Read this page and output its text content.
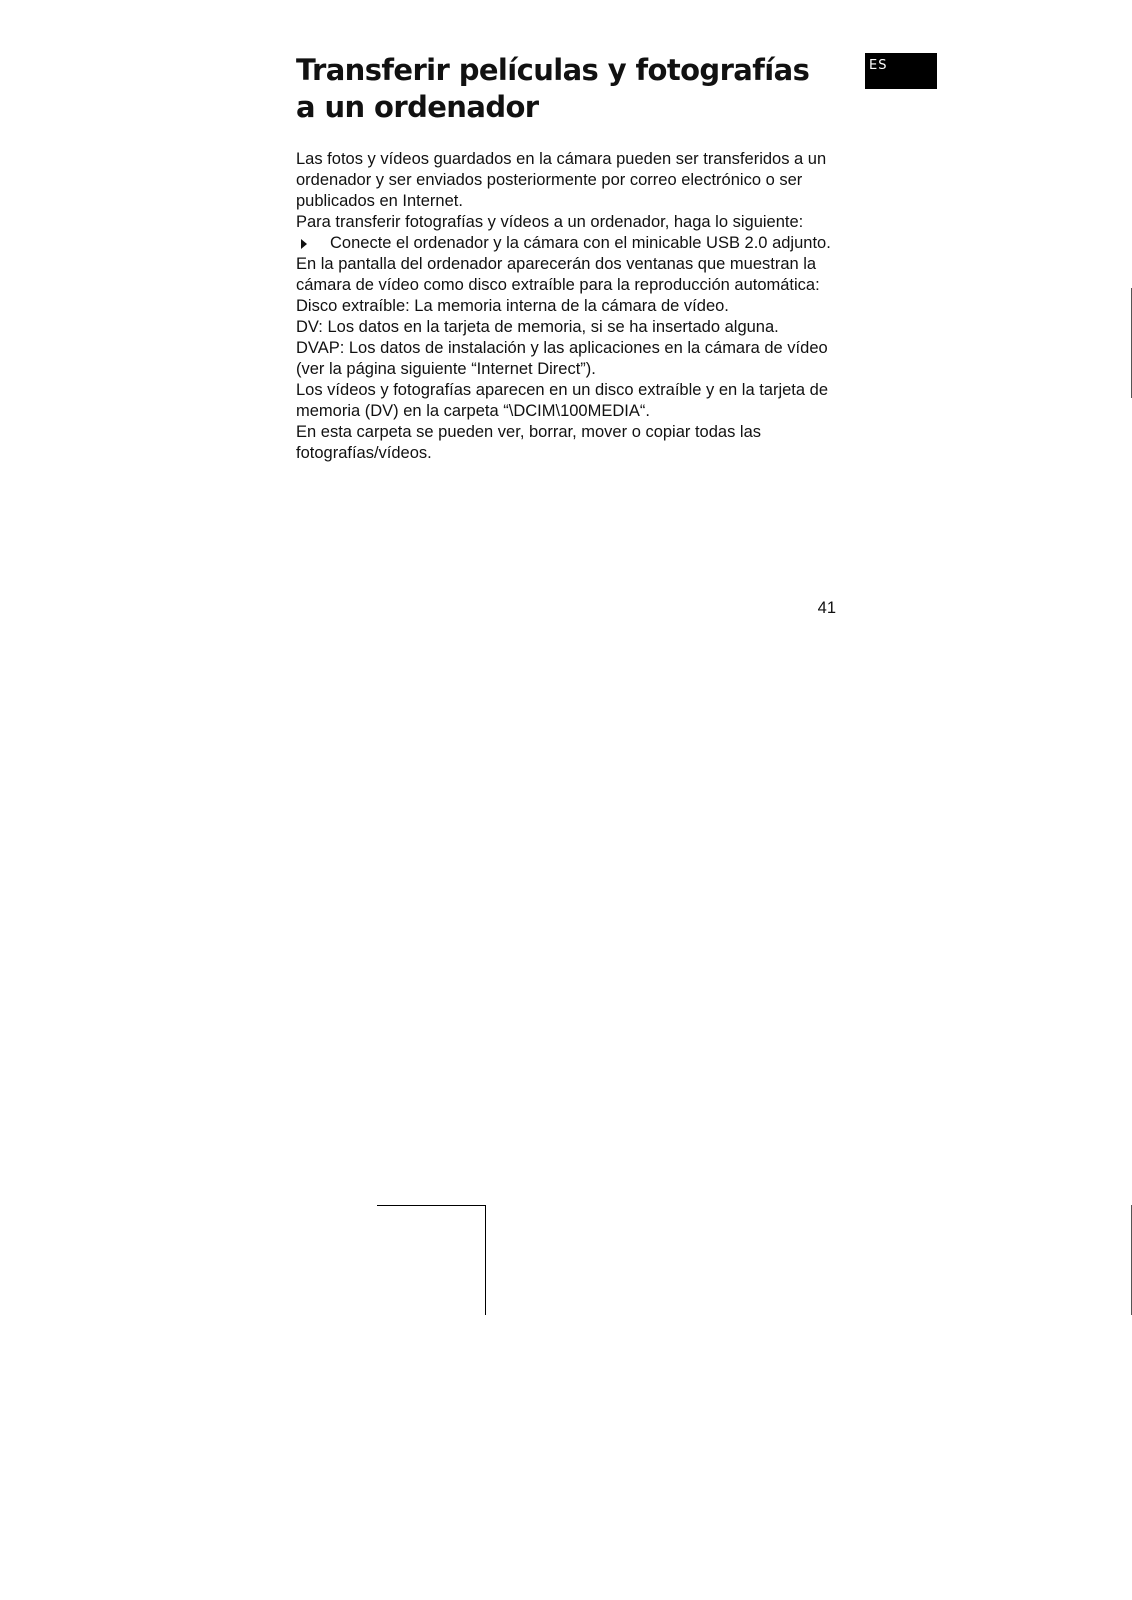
Transferir películas y fotografías a un ordenador
ES

Las fotos y vídeos guardados en la cámara pueden ser transferidos a un ordenador y ser enviados posteriormente por correo electrónico o ser publicados en Internet.

Para transferir fotografías y vídeos a un ordenador, haga lo siguiente:

Conecte el ordenador y la cámara con el minicable USB 2.0 adjunto.

En la pantalla del ordenador aparecerán dos ventanas que muestran la cámara de vídeo como disco extraíble para la reproducción automática:

Disco extraíble: La memoria interna de la cámara de vídeo.

DV: Los datos en la tarjeta de memoria, si se ha insertado alguna.

DVAP: Los datos de instalación y las aplicaciones en la cámara de vídeo (ver la página siguiente “Internet Direct”).

Los vídeos y fotografías aparecen en un disco extraíble y en la tarjeta de memoria (DV) en la carpeta “\DCIM\100MEDIA“.

En esta carpeta se pueden ver, borrar, mover o copiar todas las fotografías/vídeos.

41
